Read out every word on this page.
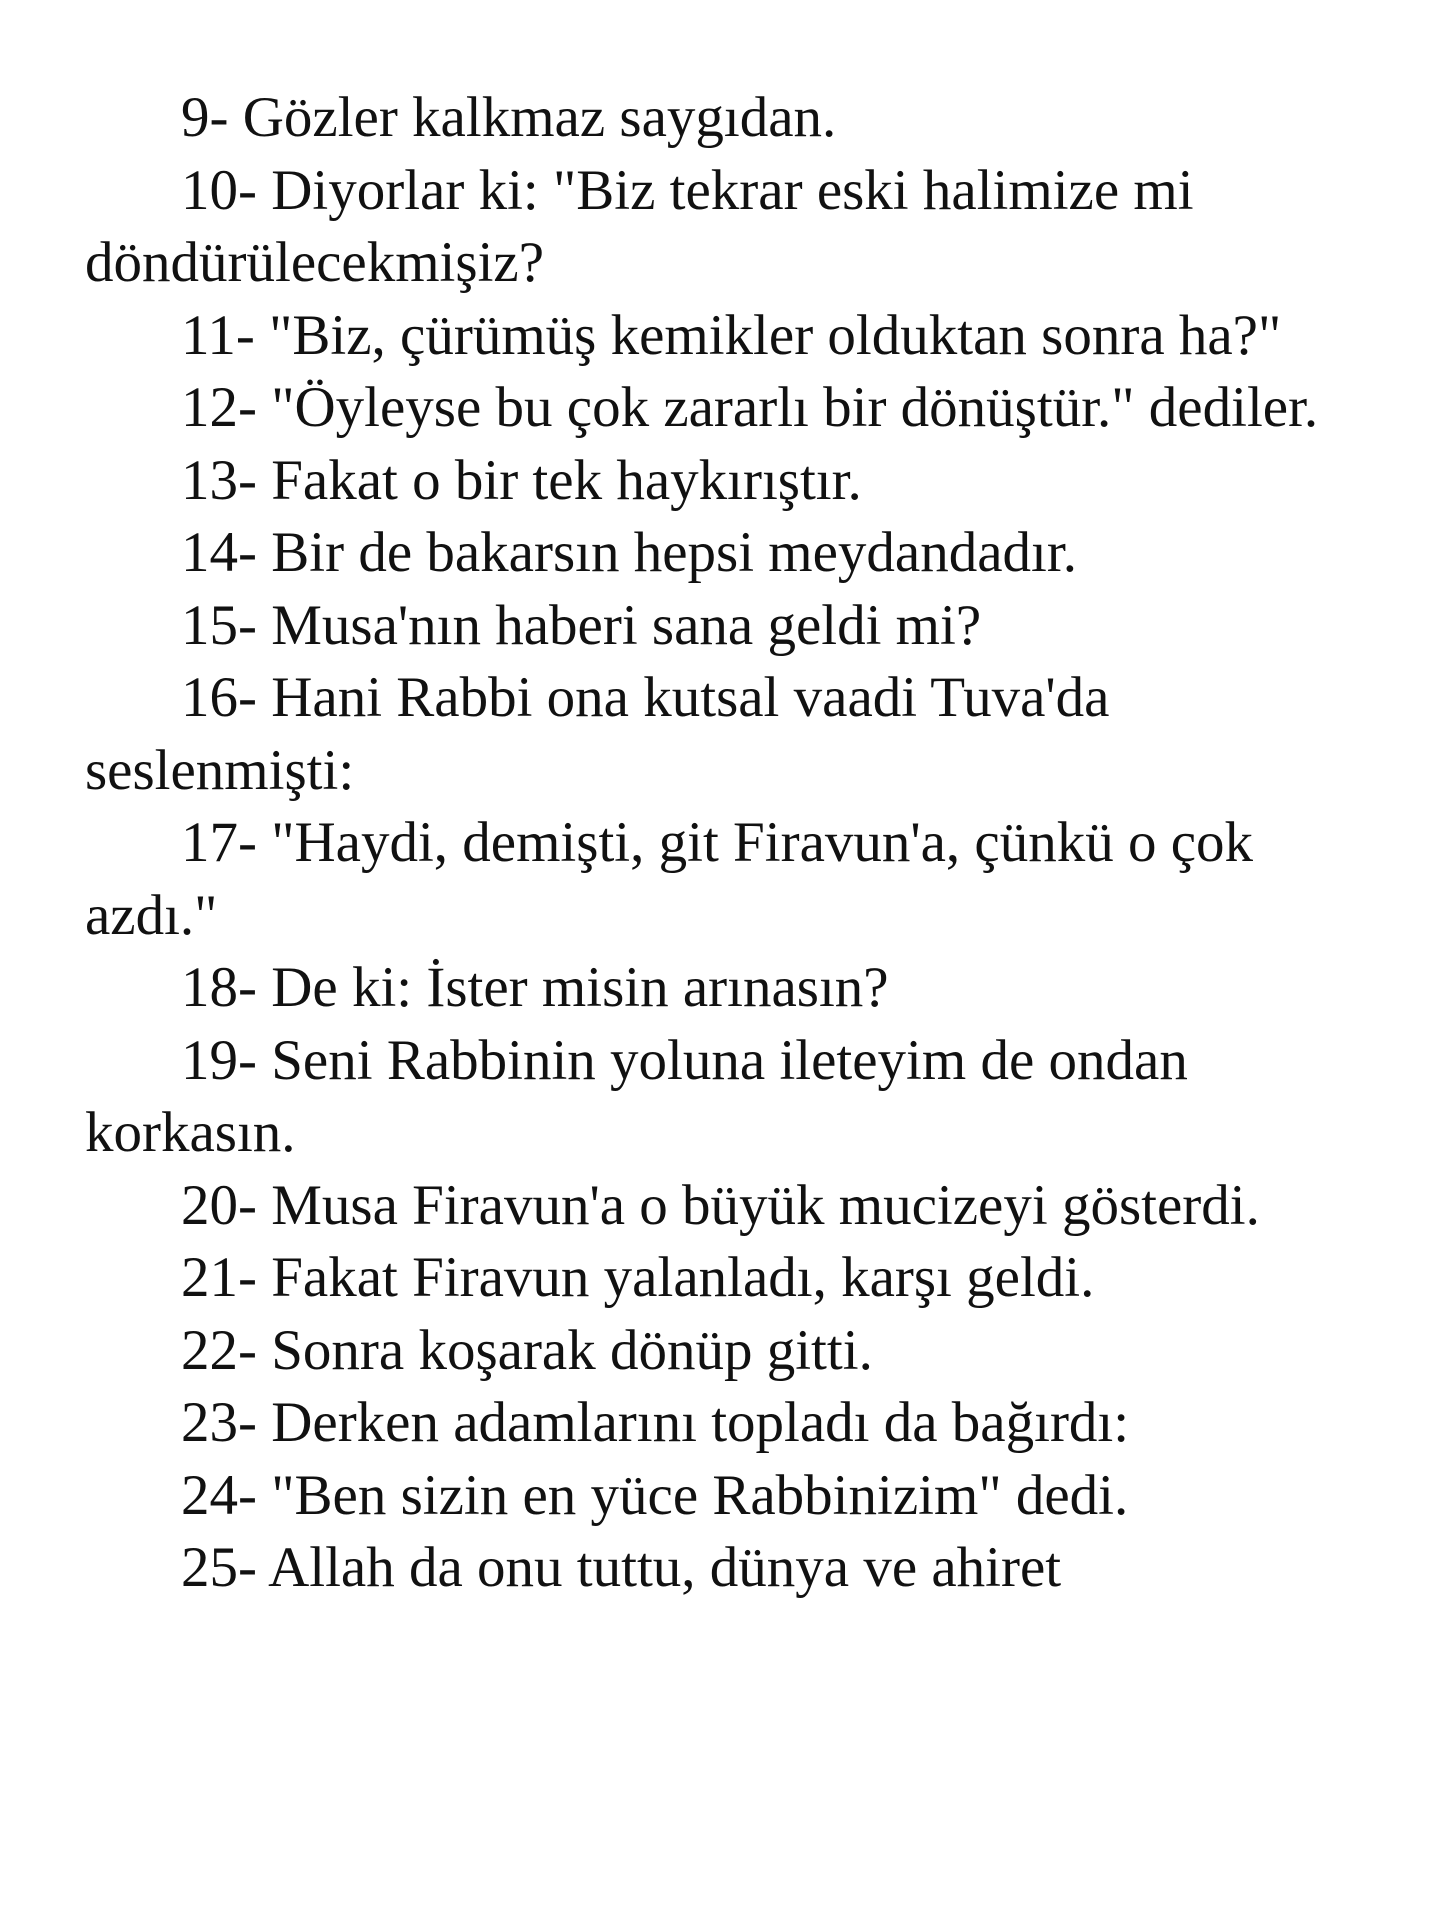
9- Gözler kalkmaz saygıdan.

10- Diyorlar ki: "Biz tekrar eski halimize mi döndürülecekmişiz?

11- "Biz, çürümüş kemikler olduktan sonra ha?"

12- "Öyleyse bu çok zararlı bir dönüştür." dediler.

13- Fakat o bir tek haykırıştır.

14- Bir de bakarsın hepsi meydandadır.

15- Musa'nın haberi sana geldi mi?

16- Hani Rabbi ona kutsal vaadi Tuva'da seslenmişti:

17- "Haydi, demişti, git Firavun'a, çünkü o çok azdı."

18- De ki: İster misin arınasın?

19- Seni Rabbinin yoluna ileteyim de ondan korkasın.

20- Musa Firavun'a o büyük mucizeyi gösterdi.

21- Fakat Firavun yalanladı, karşı geldi.

22- Sonra koşarak dönüp gitti.

23- Derken adamlarını topladı da bağırdı:

24- "Ben sizin en yüce Rabbinizim" dedi.

25- Allah da onu tuttu, dünya ve ahiret
